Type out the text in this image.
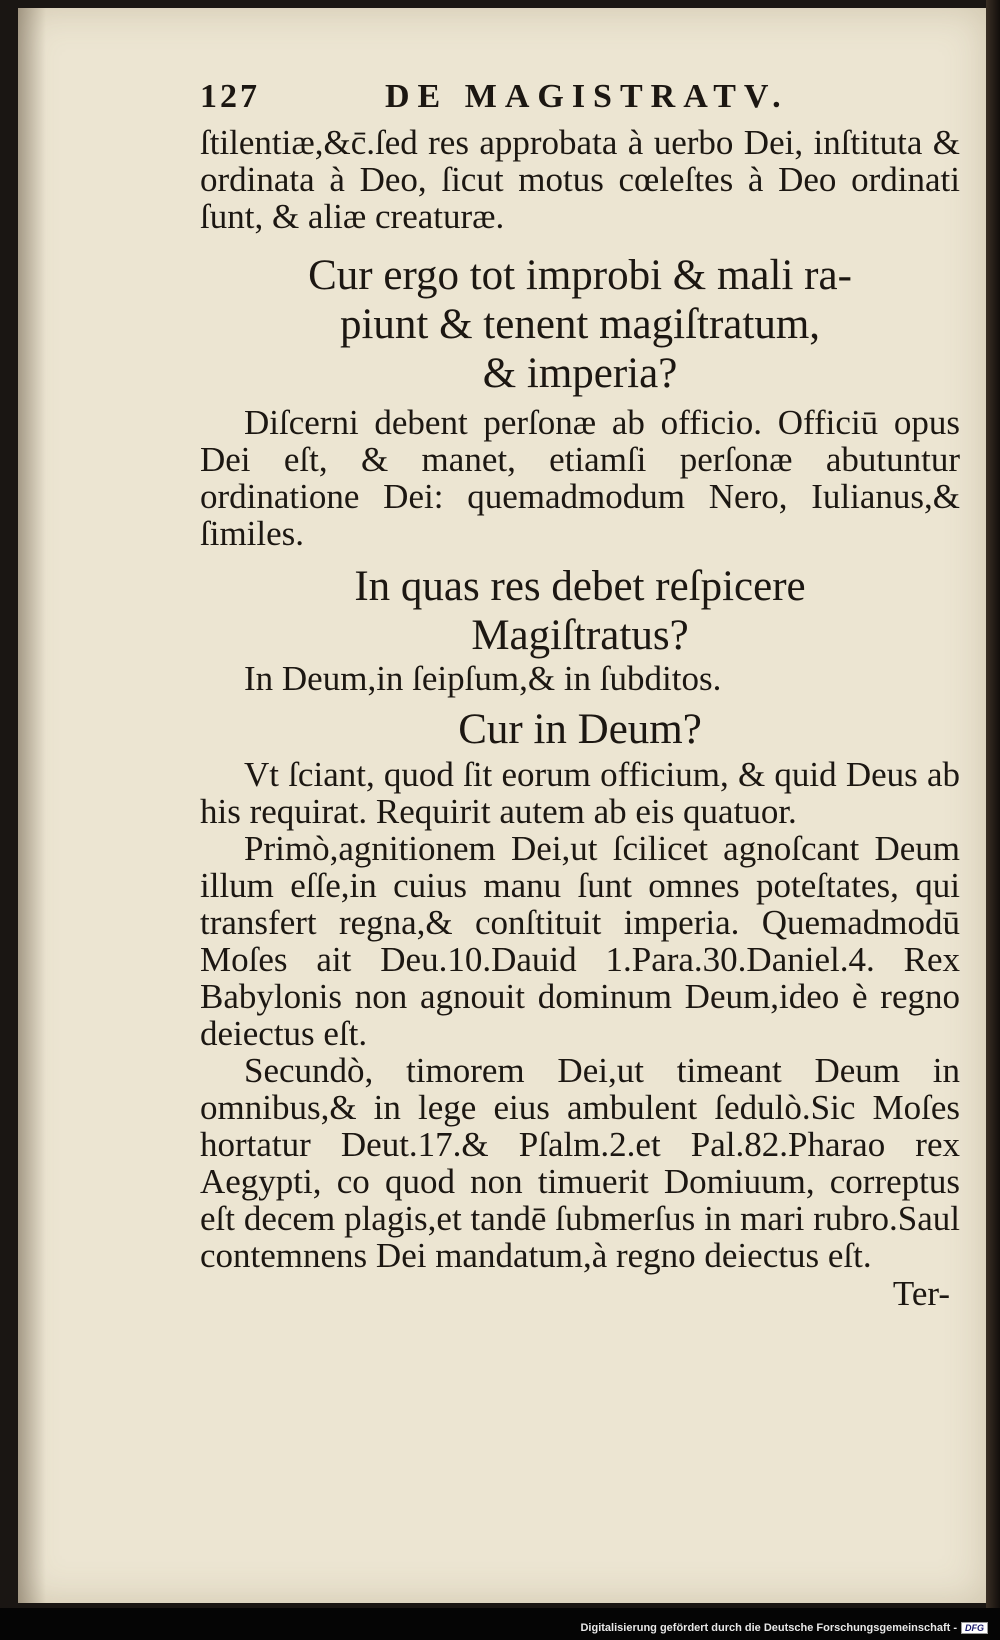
127	DE MAGISTRATV.

ſtilentiæ,&c̄.ſed res approbata à uerbo Dei, inſtituta & ordinata à Deo, ſicut motus cœleſtes à Deo ordinati ſunt, & aliæ creaturæ.

Cur ergo tot improbi & mali ra-
piunt & tenent magiſtratum,
& imperia?

Diſcerni debent perſonæ ab officio. Officiū opus Dei eſt, & manet, etiamſi perſonæ abutuntur ordinatione Dei: quemadmodum Nero, Iulianus,& ſimiles.

In quas res debet reſpicere
Magiſtratus?

In Deum,in ſeipſum,& in ſubditos.

Cur in Deum?

Vt ſciant, quod ſit eorum officium, & quid Deus ab his requirat. Requirit autem ab eis quatuor.

Primò,agnitionem Dei,ut ſcilicet agnoſcant Deum illum eſſe,in cuius manu ſunt omnes poteſtates, qui transfert regna,& conſtituit imperia. Quemadmodū Moſes ait Deu.10.Dauid 1.Para.30.Daniel.4. Rex Babylonis non agnouit dominum Deum,ideo è regno deiectus eſt.

Secundò, timorem Dei,ut timeant Deum in omnibus,& in lege eius ambulent ſedulò.Sic Moſes hortatur Deut.17.& Pſalm.2.et Pal.82.Pharao rex Aegypti, co quod non timuerit Domiuum, correptus eſt decem plagis,et tandē ſubmerſus in mari rubro.Saul contemnens Dei mandatum,à regno deiectus eſt.

Ter-
Digitalisierung gefördert durch die Deutsche Forschungsgemeinschaft - DFG
